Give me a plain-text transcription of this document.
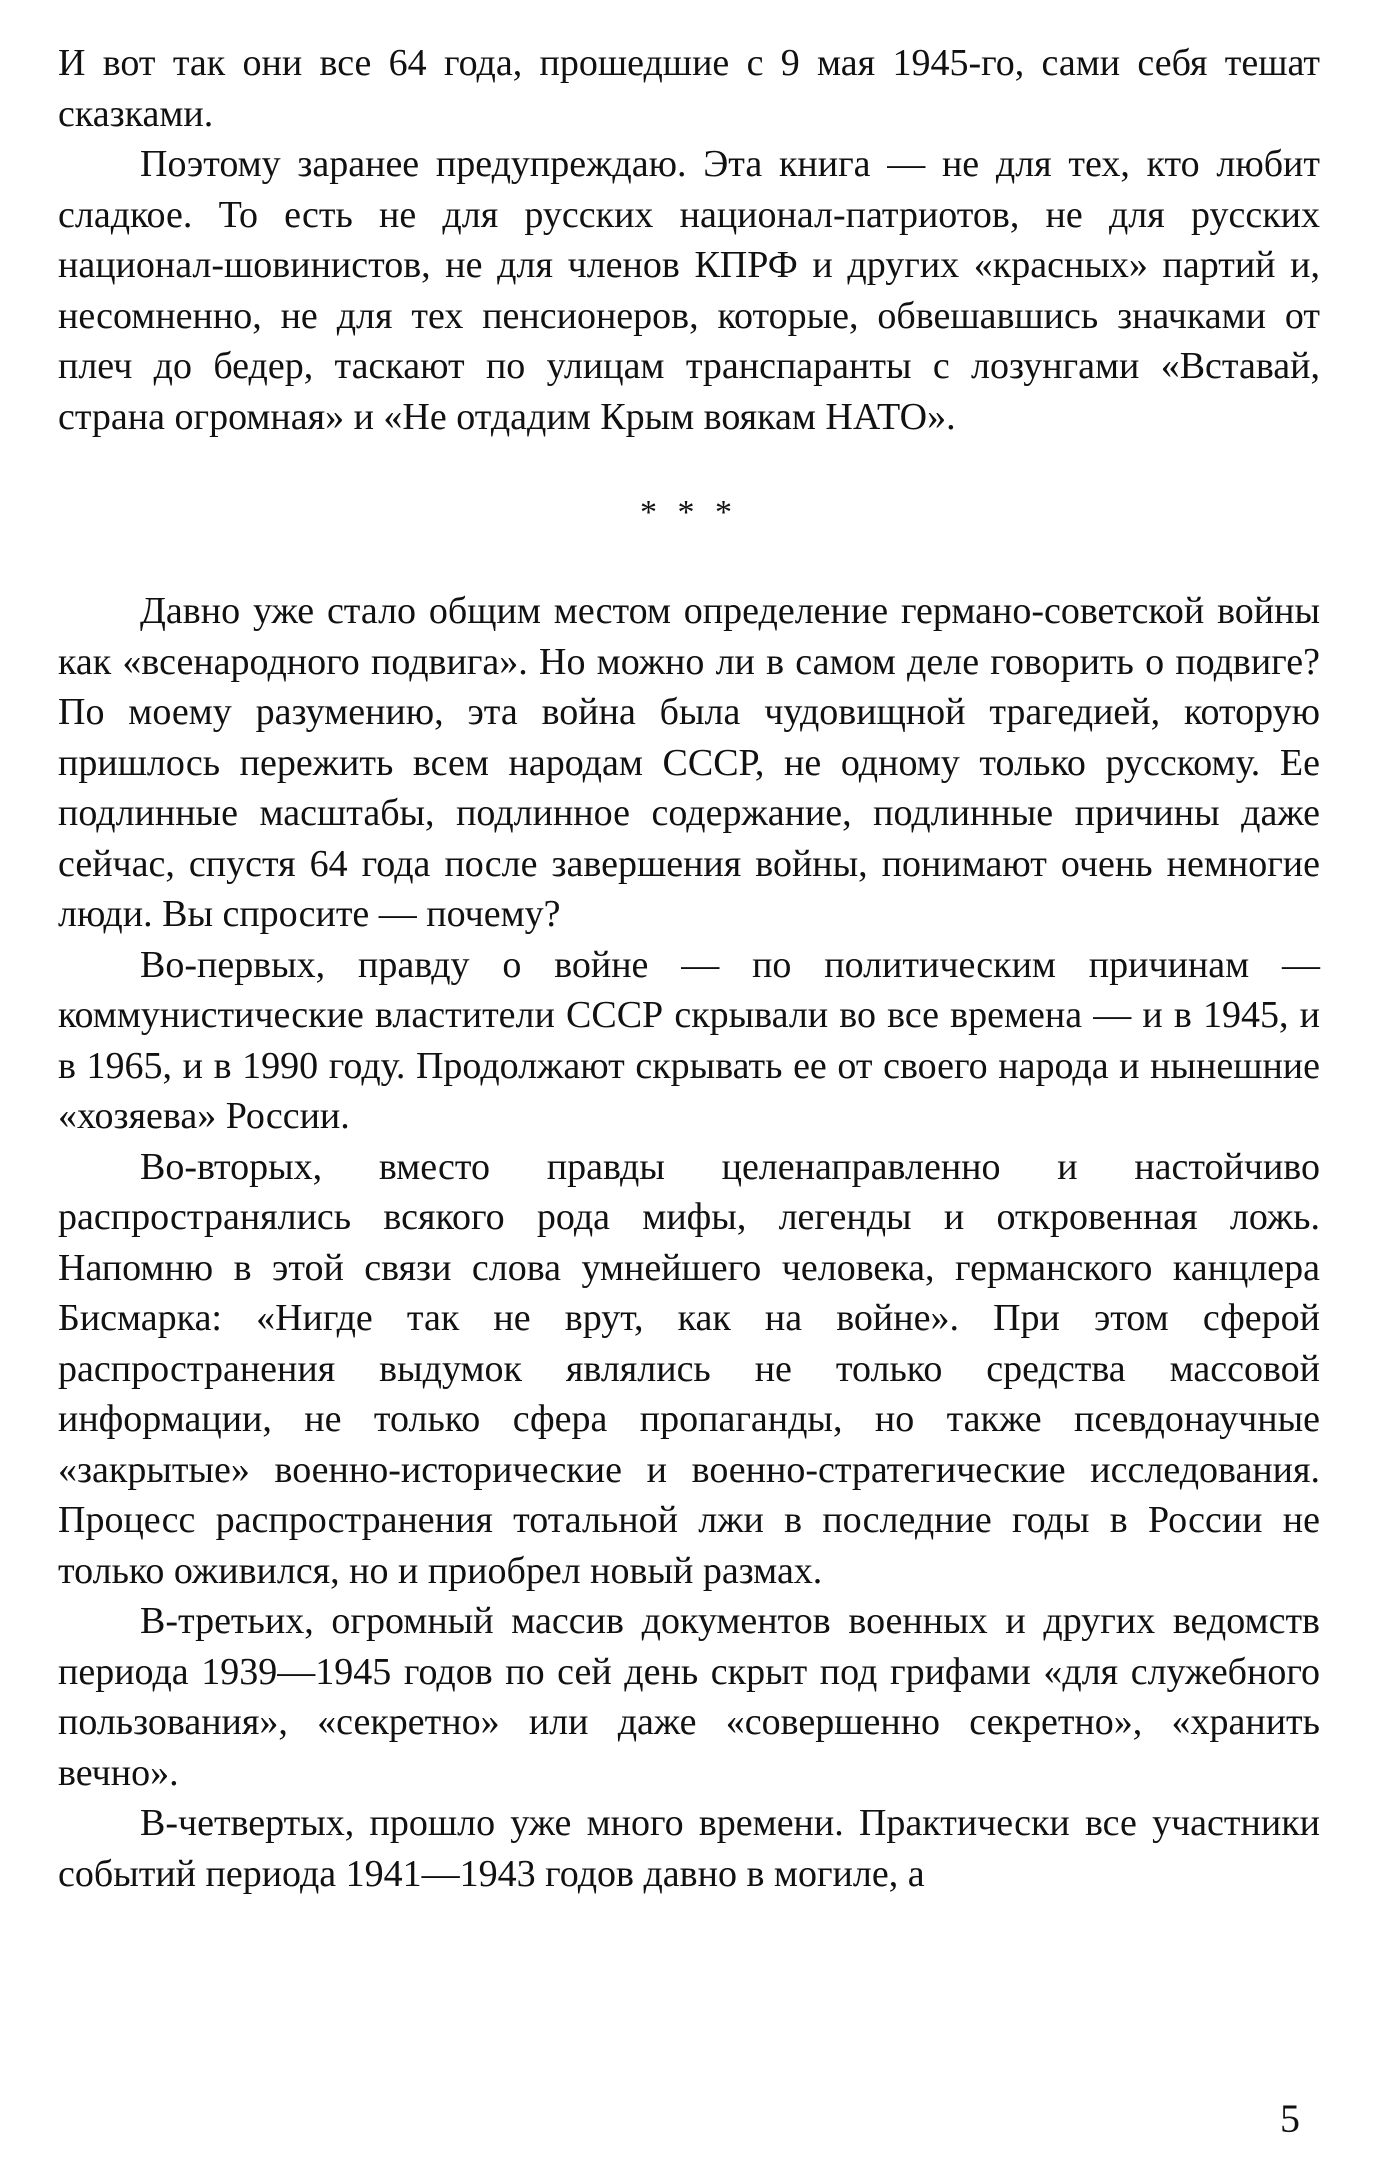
И вот так они все 64 года, прошедшие с 9 мая 1945-го, сами себя тешат сказками.

Поэтому заранее предупреждаю. Эта книга — не для тех, кто любит сладкое. То есть не для русских национал-патриотов, не для русских национал-шовинистов, не для членов КПРФ и других «красных» партий и, несомненно, не для тех пенсионеров, которые, обвешавшись значками от плеч до бедер, таскают по улицам транспаранты с лозунгами «Вставай, страна огромная» и «Не отдадим Крым воякам НАТО».

* * *

Давно уже стало общим местом определение германо-советской войны как «всенародного подвига». Но можно ли в самом деле говорить о подвиге? По моему разумению, эта война была чудовищной трагедией, которую пришлось пережить всем народам СССР, не одному только русскому. Ее подлинные масштабы, подлинное содержание, подлинные причины даже сейчас, спустя 64 года после завершения войны, понимают очень немногие люди. Вы спросите — почему?

Во-первых, правду о войне — по политическим причинам — коммунистические властители СССР скрывали во все времена — и в 1945, и в 1965, и в 1990 году. Продолжают скрывать ее от своего народа и нынешние «хозяева» России.

Во-вторых, вместо правды целенаправленно и настойчиво распространялись всякого рода мифы, легенды и откровенная ложь. Напомню в этой связи слова умнейшего человека, германского канцлера Бисмарка: «Нигде так не врут, как на войне». При этом сферой распространения выдумок являлись не только средства массовой информации, не только сфера пропаганды, но также псевдонаучные «закрытые» военно-исторические и военно-стратегические исследования. Процесс распространения тотальной лжи в последние годы в России не только оживился, но и приобрел новый размах.

В-третьих, огромный массив документов военных и других ведомств периода 1939—1945 годов по сей день скрыт под грифами «для служебного пользования», «секретно» или даже «совершенно секретно», «хранить вечно».

В-четвертых, прошло уже много времени. Практически все участники событий периода 1941—1943 годов давно в могиле, а

5
